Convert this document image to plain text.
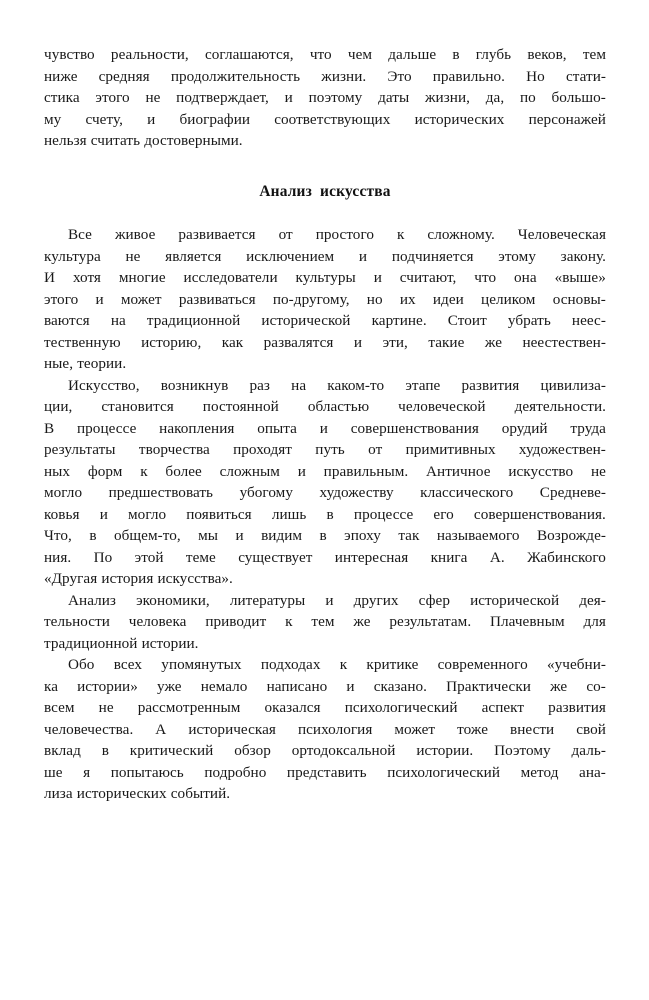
чувство реальности, соглашаются, что чем дальше в глубь веков, тем
ниже средняя продолжительность жизни. Это правильно. Но стати-
стика этого не подтверждает, и поэтому даты жизни, да, по большо-
му счету, и биографии соответствующих исторических персонажей
нельзя считать достоверными.
Анализ искусства
Все живое развивается от простого к сложному. Человеческая
культура не является исключением и подчиняется этому закону.
И хотя многие исследователи культуры и считают, что она «выше»
этого и может развиваться по-другому, но их идеи целиком основы-
ваются на традиционной исторической картине. Стоит убрать неес-
тественную историю, как развалятся и эти, такие же неестествен-
ные, теории.
Искусство, возникнув раз на каком-то этапе развития цивилиза-
ции, становится постоянной областью человеческой деятельности.
В процессе накопления опыта и совершенствования орудий труда
результаты творчества проходят путь от примитивных художествен-
ных форм к более сложным и правильным. Античное искусство не
могло предшествовать убогому художеству классического Средневе-
ковья и могло появиться лишь в процессе его совершенствования.
Что, в общем-то, мы и видим в эпоху так называемого Возрожде-
ния. По этой теме существует интересная книга А. Жабинского
«Другая история искусства».
Анализ экономики, литературы и других сфер исторической дея-
тельности человека приводит к тем же результатам. Плачевным для
традиционной истории.
Обо всех упомянутых подходах к критике современного «учебни-
ка истории» уже немало написано и сказано. Практически же со-
всем не рассмотренным оказался психологический аспект развития
человечества. А историческая психология может тоже внести свой
вклад в критический обзор ортодоксальной истории. Поэтому даль-
ше я попытаюсь подробно представить психологический метод ана-
лиза исторических событий.
